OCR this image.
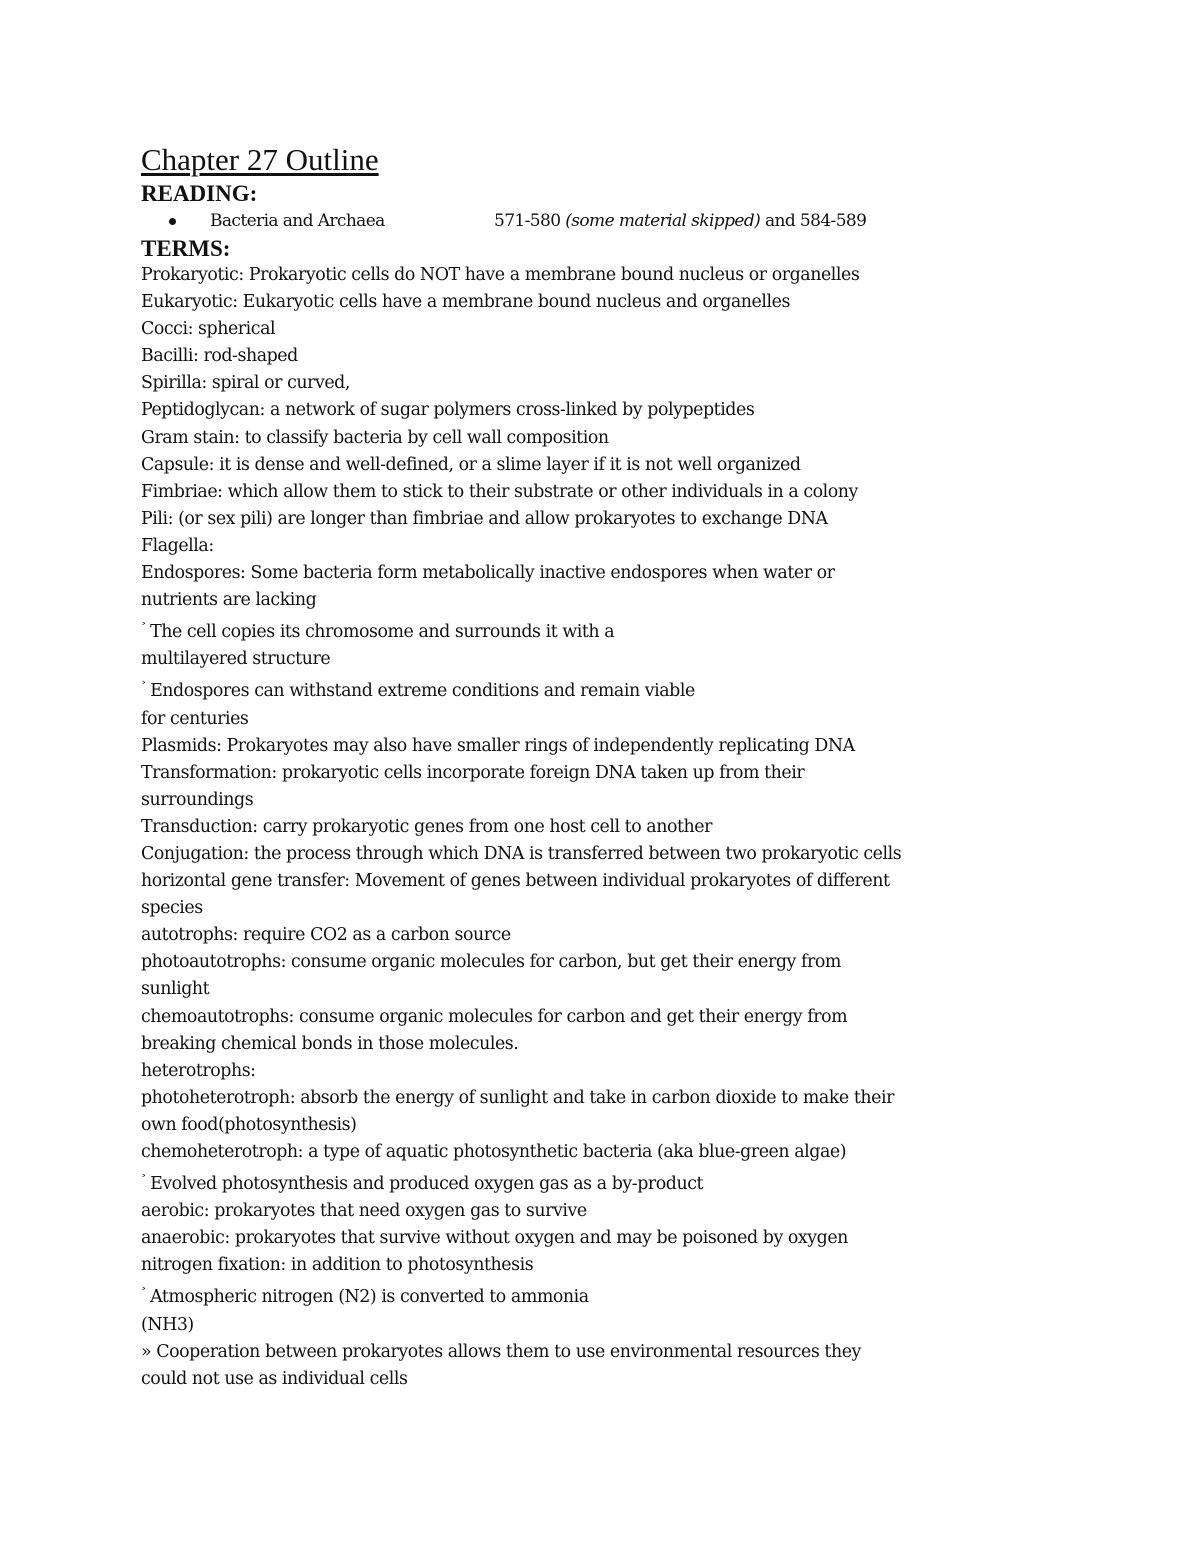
Chapter 27 Outline
READING:
Bacteria and Archaea	571-580 (some material skipped) and 584-589
TERMS:
Prokaryotic: Prokaryotic cells do NOT have a membrane bound nucleus or organelles
Eukaryotic: Eukaryotic cells have a membrane bound nucleus and organelles
Cocci: spherical
Bacilli: rod-shaped
Spirilla: spiral or curved,
Peptidoglycan: a network of sugar polymers cross-linked by polypeptides
Gram stain: to classify bacteria by cell wall composition
Capsule: it is dense and well-defined, or a slime layer if it is not well organized
Fimbriae: which allow them to stick to their substrate or other individuals in a colony
Pili: (or sex pili) are longer than fimbriae and allow prokaryotes to exchange DNA
Flagella:
Endospores: Some bacteria form metabolically inactive endospores when water or
nutrients are lacking
˃ The cell copies its chromosome and surrounds it with a
multilayered structure
˃ Endospores can withstand extreme conditions and remain viable
for centuries
Plasmids: Prokaryotes may also have smaller rings of independently replicating DNA
Transformation: prokaryotic cells incorporate foreign DNA taken up from their
surroundings
Transduction: carry prokaryotic genes from one host cell to another
Conjugation: the process through which DNA is transferred between two prokaryotic cells
horizontal gene transfer: Movement of genes between individual prokaryotes of different
species
autotrophs: require CO2 as a carbon source
photoautotrophs: consume organic molecules for carbon, but get their energy from
sunlight
chemoautotrophs: consume organic molecules for carbon and get their energy from
breaking chemical bonds in those molecules.
heterotrophs:
photoheterotroph: absorb the energy of sunlight and take in carbon dioxide to make their
own food(photosynthesis)
chemoheterotroph: a type of aquatic photosynthetic bacteria (aka blue-green algae)
˃ Evolved photosynthesis and produced oxygen gas as a by-product
aerobic: prokaryotes that need oxygen gas to survive
anaerobic: prokaryotes that survive without oxygen and may be poisoned by oxygen
nitrogen fixation: in addition to photosynthesis
˃ Atmospheric nitrogen (N2) is converted to ammonia
(NH3)
» Cooperation between prokaryotes allows them to use environmental resources they
could not use as individual cells
